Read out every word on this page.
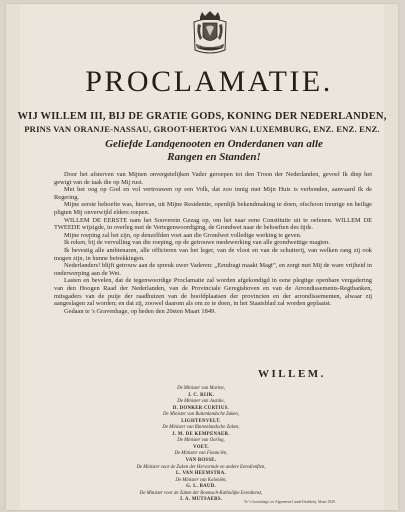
JE MAINTIENDRAI
PROCLAMATIE.
WIJ WILLEM III, BIJ DE GRATIE GODS, KONING DER NEDERLANDEN,
PRINS VAN ORANJE-NASSAU, GROOT-HERTOG VAN LUXEMBURG, ENZ. ENZ. ENZ.
Geliefde Landgenooten en Onderdanen van alle
Rangen en Standen!

Door het afsterven van Mijnen onvergetelijken Vader geroepen tot den Troon der Nederlanden, gevoel Ik diep het gewigt van de taak die op Mij rust.

Met het oog op God en vol vertrouwen op een Volk, dat zoo innig met Mijn Huis is verbonden, aanvaard Ik de Regering.

Mijne eerste behoefte was, hiervan, uit Mijne Residentie, openlijk bekendmaking te doen, ofschoon treurige en heilige pligten Mij onverwijld elders roepen.

WILLEM DE EERSTE nam het Souverein Gezag op, om het naar eene Constitutie uit te oefenen. WILLEM DE TWEEDE wijzigde, in overleg met de Vertegenwoordiging, de Grondwet naar de behoeften des tijds.

Mijne roeping zal het zijn, op denzelfden voet aan die Grondwet volledige werking te geven.

Ik reken, bij de vervulling van die roeping, op de getrouwe medewerking van alle grondwettige magten.

Ik bevestig alle ambtenaren, alle officieren van het leger, van de vloot en van de schutterij, van welken rang zij ook mogen zijn, in hunne betrekkingen.

Nederlanders! blijft getrouw aan de spreuk uwer Vaderen: „Eendragt maakt Magt”, en zorgt met Mij de ware vrijheid in onderwerping aan de Wet.

Lasten en bevelen, dat de tegenwoordige Proclamatie zal worden afgekondigd in eene plegtige openbare vergadering van den Hoogen Raad der Nederlanden, van de Provinciale Geregtshoven en van de Arrondissements-Regtbanken, mitsgaders van de puije der raadhuizen van de hoofdplaatsen der provincien en der arrondissementen, alwaar zij aangeslagen zal worden; en dat zij, zoowel daarom als om ze te doen, in het Staatsblad zal worden geplaatst.

Gedaan te 's Gravenhage, op heden den 20sten Maart 1849.

WILLEM.
De Minister van Marine,
J. C. RIJK.
De Minister van Justitie,
D. DONKER CURTIUS.
De Minister van Buitenlandsche Zaken,
LIGHTENVELT.
De Minister van Binnenlandsche Zaken,
J. M. DE KEMPENAER.
De Minister van Oorlog,
VOET.
De Minister van Financiën,
VAN BOSSE.
De Minister voor de Zaken der Hervormde en andere Eeredienften,
L. VAN HEEMSTRA.
De Minister van Koloniën,
G. L. BAUD.
De Minister voor de Zaken der Roomsch-Katholijke Eeredienst,
J. A. MUTSAERS.	Te 's Gravenhage, ter Algemeene Lands-Drukkerij. Maart 1849.
